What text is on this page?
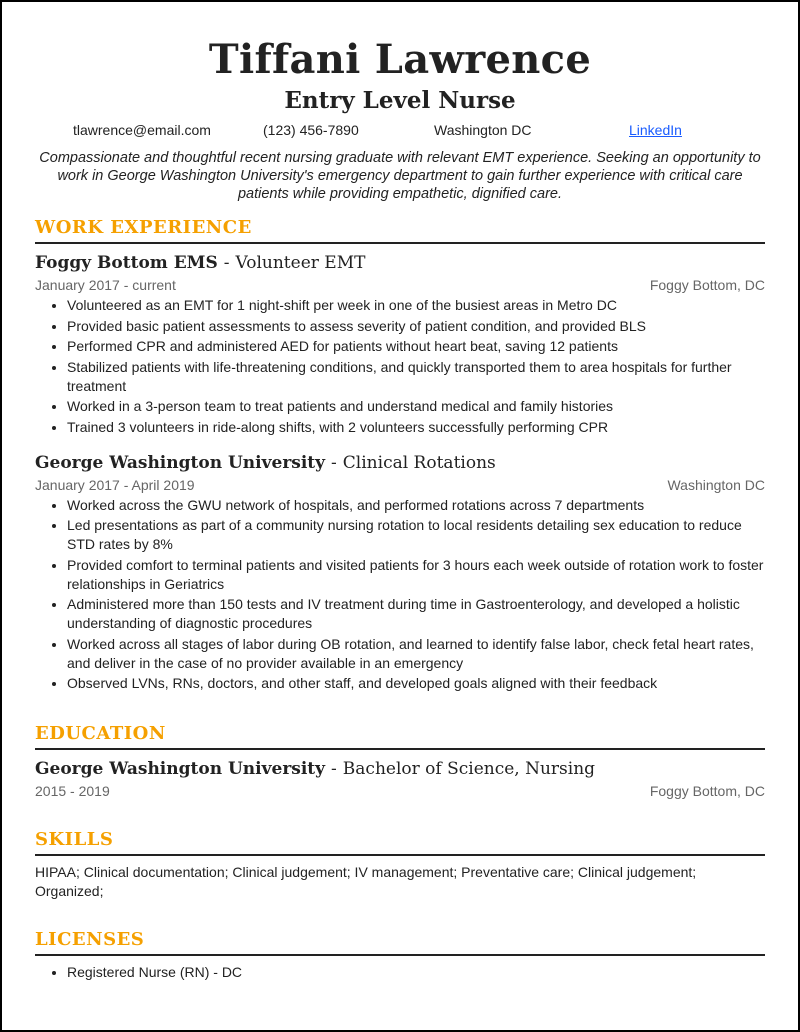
Tiffani Lawrence
Entry Level Nurse
tlawrence@email.com	(123) 456-7890	Washington DC	LinkedIn
Compassionate and thoughtful recent nursing graduate with relevant EMT experience. Seeking an opportunity to work in George Washington University's emergency department to gain further experience with critical care patients while providing empathetic, dignified care.
WORK EXPERIENCE
Foggy Bottom EMS - Volunteer EMT
January 2017 - current	Foggy Bottom, DC
• Volunteered as an EMT for 1 night-shift per week in one of the busiest areas in Metro DC
• Provided basic patient assessments to assess severity of patient condition, and provided BLS
• Performed CPR and administered AED for patients without heart beat, saving 12 patients
• Stabilized patients with life-threatening conditions, and quickly transported them to area hospitals for further treatment
• Worked in a 3-person team to treat patients and understand medical and family histories
• Trained 3 volunteers in ride-along shifts, with 2 volunteers successfully performing CPR
George Washington University - Clinical Rotations
January 2017 - April 2019	Washington DC
• Worked across the GWU network of hospitals, and performed rotations across 7 departments
• Led presentations as part of a community nursing rotation to local residents detailing sex education to reduce STD rates by 8%
• Provided comfort to terminal patients and visited patients for 3 hours each week outside of rotation work to foster relationships in Geriatrics
• Administered more than 150 tests and IV treatment during time in Gastroenterology, and developed a holistic understanding of diagnostic procedures
• Worked across all stages of labor during OB rotation, and learned to identify false labor, check fetal heart rates, and deliver in the case of no provider available in an emergency
• Observed LVNs, RNs, doctors, and other staff, and developed goals aligned with their feedback
EDUCATION
George Washington University - Bachelor of Science, Nursing
2015 - 2019	Foggy Bottom, DC
SKILLS
HIPAA; Clinical documentation; Clinical judgement; IV management; Preventative care; Clinical judgement; Organized;
LICENSES
• Registered Nurse (RN) - DC
